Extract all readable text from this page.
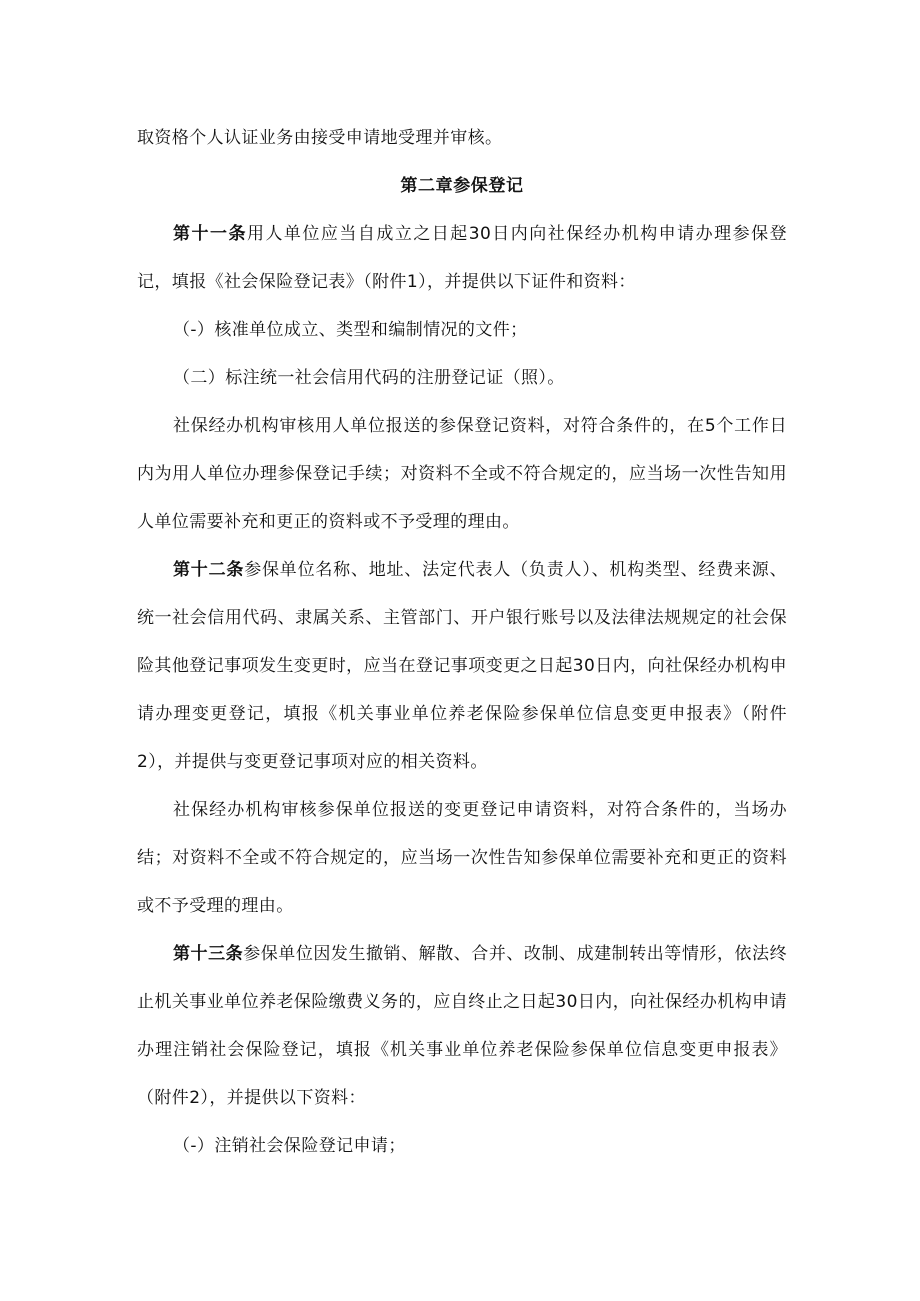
取资格个人认证业务由接受申请地受理并审核。

第二章参保登记

第十一条用人单位应当自成立之日起30日内向社保经办机构申请办理参保登记，填报《社会保险登记表》（附件1），并提供以下证件和资料：

（-）核准单位成立、类型和编制情况的文件；

（二）标注统一社会信用代码的注册登记证（照）。

社保经办机构审核用人单位报送的参保登记资料，对符合条件的，在5个工作日内为用人单位办理参保登记手续；对资料不全或不符合规定的，应当场一次性告知用人单位需要补充和更正的资料或不予受理的理由。

第十二条参保单位名称、地址、法定代表人（负责人）、机构类型、经费来源、统一社会信用代码、隶属关系、主管部门、开户银行账号以及法律法规规定的社会保险其他登记事项发生变更时，应当在登记事项变更之日起30日内，向社保经办机构申请办理变更登记，填报《机关事业单位养老保险参保单位信息变更申报表》（附件2），并提供与变更登记事项对应的相关资料。

社保经办机构审核参保单位报送的变更登记申请资料，对符合条件的，当场办结；对资料不全或不符合规定的，应当场一次性告知参保单位需要补充和更正的资料或不予受理的理由。

第十三条参保单位因发生撤销、解散、合并、改制、成建制转出等情形，依法终止机关事业单位养老保险缴费义务的，应自终止之日起30日内，向社保经办机构申请办理注销社会保险登记，填报《机关事业单位养老保险参保单位信息变更申报表》（附件2），并提供以下资料：

（-）注销社会保险登记申请；
